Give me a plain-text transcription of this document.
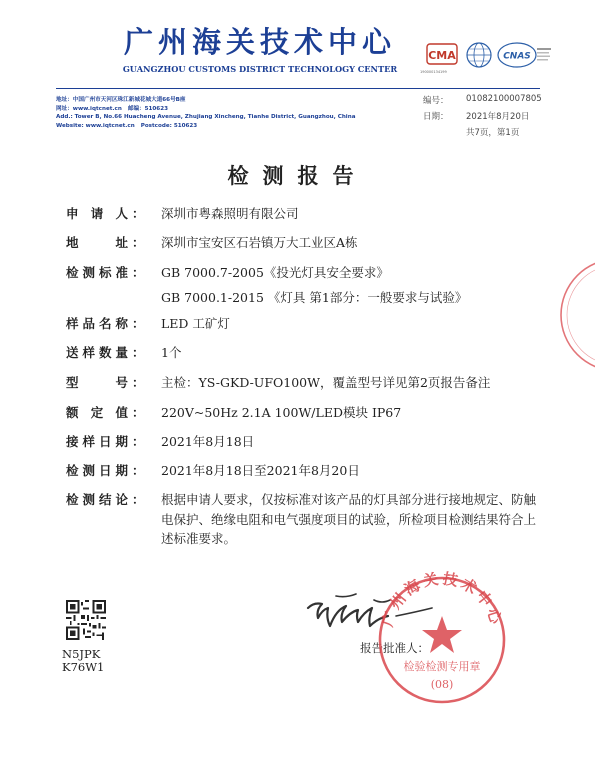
广州海关技术中心
GUANGZHOU CUSTOMS DISTRICT TECHNOLOGY CENTER
CMA	CNAS
190000134199
地址：中国广州市天河区珠江新城花城大道66号B座
网址：www.iqtcnet.cn 邮编：510623
Add.: Tower B, No.66 Huacheng Avenue, Zhujiang Xincheng, Tianhe District, Guangzhou, China
Website: www.iqtcnet.cn Postcode: 510623
编号： 01082100007805
日期： 2021年8月20日
共7页，第1页
检测报告
申请人 ： 深圳市粤森照明有限公司
地址 ： 深圳市宝安区石岩镇万大工业区A栋
检测标准 ： GB 7000.7-2005《投光灯具安全要求》
GB 7000.1-2015 《灯具 第1部分：一般要求与试验》
样品名称 ： LED 工矿灯
送样数量 ： 1个
型号 ： 主检：YS-GKD-UFO100W，覆盖型号详见第2页报告备注
额定值 ： 220V~50Hz 2.1A 100W/LED模块 IP67
接样日期 ： 2021年8月18日
检测日期 ： 2021年8月18日至2021年8月20日
检测结论 ： 根据申请人要求，仅按标准对该产品的灯具部分进行接地规定、防触电保护、绝缘电阻和电气强度项目的试验，所检项目检测结果符合上述标准要求。
N5JPK
K76W1
报告批准人：
广州海关技术中心
检验检测专用章
(08)
